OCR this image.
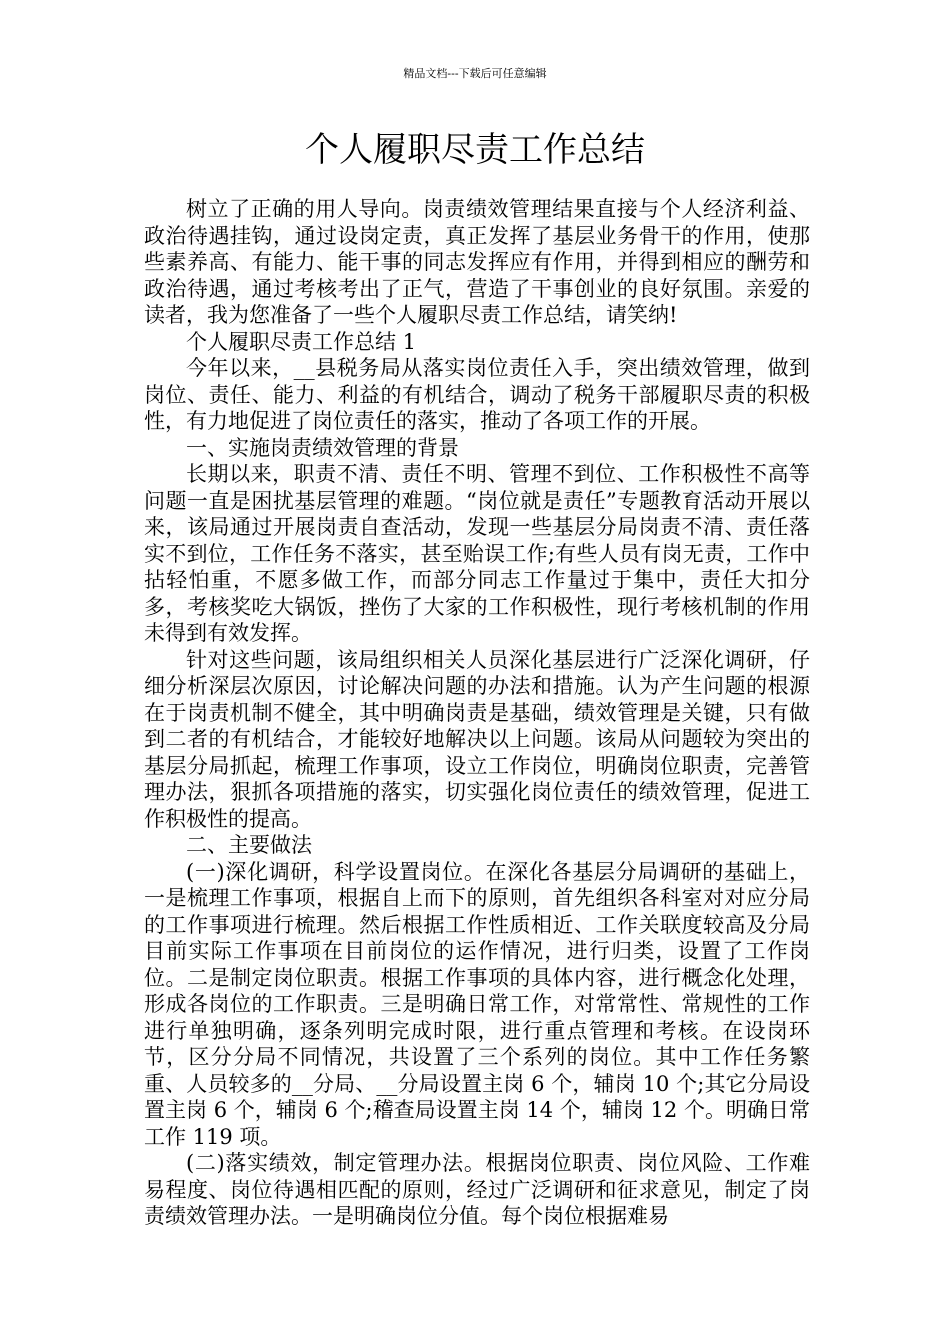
精品文档---下载后可任意编辑
个人履职尽责工作总结

树立了正确的用人导向。岗责绩效管理结果直接与个人经济利益、政治待遇挂钩，通过设岗定责，真正发挥了基层业务骨干的作用，使那些素养高、有能力、能干事的同志发挥应有作用，并得到相应的酬劳和政治待遇，通过考核考出了正气，营造了干事创业的良好氛围。亲爱的读者，我为您准备了一些个人履职尽责工作总结，请笑纳!

个人履职尽责工作总结 1

今年以来，__县税务局从落实岗位责任入手，突出绩效管理，做到岗位、责任、能力、利益的有机结合，调动了税务干部履职尽责的积极性，有力地促进了岗位责任的落实，推动了各项工作的开展。

一、实施岗责绩效管理的背景

长期以来，职责不清、责任不明、管理不到位、工作积极性不高等问题一直是困扰基层管理的难题。“岗位就是责任”专题教育活动开展以来，该局通过开展岗责自查活动，发现一些基层分局岗责不清、责任落实不到位，工作任务不落实，甚至贻误工作;有些人员有岗无责，工作中拈轻怕重，不愿多做工作，而部分同志工作量过于集中，责任大扣分多，考核奖吃大锅饭，挫伤了大家的工作积极性，现行考核机制的作用未得到有效发挥。

针对这些问题，该局组织相关人员深化基层进行广泛深化调研，仔细分析深层次原因，讨论解决问题的办法和措施。认为产生问题的根源在于岗责机制不健全，其中明确岗责是基础，绩效管理是关键，只有做到二者的有机结合，才能较好地解决以上问题。该局从问题较为突出的基层分局抓起，梳理工作事项，设立工作岗位，明确岗位职责，完善管理办法，狠抓各项措施的落实，切实强化岗位责任的绩效管理，促进工作积极性的提高。

二、主要做法

(一)深化调研，科学设置岗位。在深化各基层分局调研的基础上，一是梳理工作事项，根据自上而下的原则，首先组织各科室对对应分局的工作事项进行梳理。然后根据工作性质相近、工作关联度较高及分局目前实际工作事项在目前岗位的运作情况，进行归类，设置了工作岗位。二是制定岗位职责。根据工作事项的具体内容，进行概念化处理，形成各岗位的工作职责。三是明确日常工作，对常常性、常规性的工作进行单独明确，逐条列明完成时限，进行重点管理和考核。在设岗环节，区分分局不同情况，共设置了三个系列的岗位。其中工作任务繁重、人员较多的__分局、__分局设置主岗 6 个，辅岗 10 个;其它分局设置主岗 6 个，辅岗 6 个;稽查局设置主岗 14 个，辅岗 12 个。明确日常工作 119 项。

(二)落实绩效，制定管理办法。根据岗位职责、岗位风险、工作难易程度、岗位待遇相匹配的原则，经过广泛调研和征求意见，制定了岗责绩效管理办法。一是明确岗位分值。每个岗位根据难易
